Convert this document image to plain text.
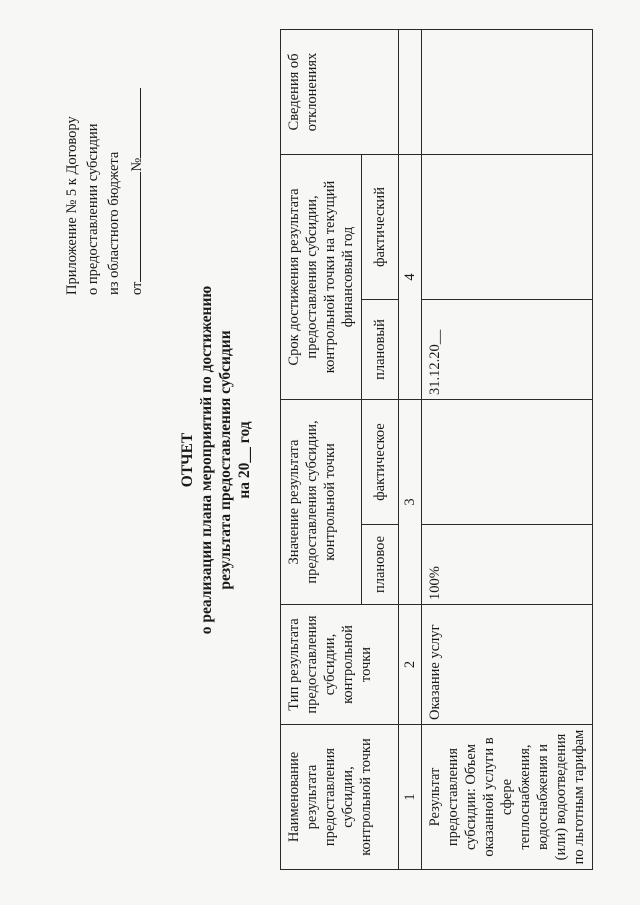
Приложение № 5 к Договору о предоставлении субсидии из областного бюджета от№
ОТЧЕТ о реализации плана мероприятий по достижению результата предоставления субсидии на 20__ год
Наименование результата предоставления субсидии, контрольной точки	Тип результата предоставления субсидии, контрольной точки	Значение результата предоставления субсидии, контрольной точки		Срок достижения результата предоставления субсидии, контрольной точки на текущий финансовый год		Сведения об отклонениях
		плановое	фактическое	плановый	фактический	
1	2	3		4		
Результат предоставления субсидии: Объем оказанной услуги в сфере теплоснабжения, водоснабжения и (или) водоотведения по льготным тарифам	Оказание услуг	100%		31.12.20__		
